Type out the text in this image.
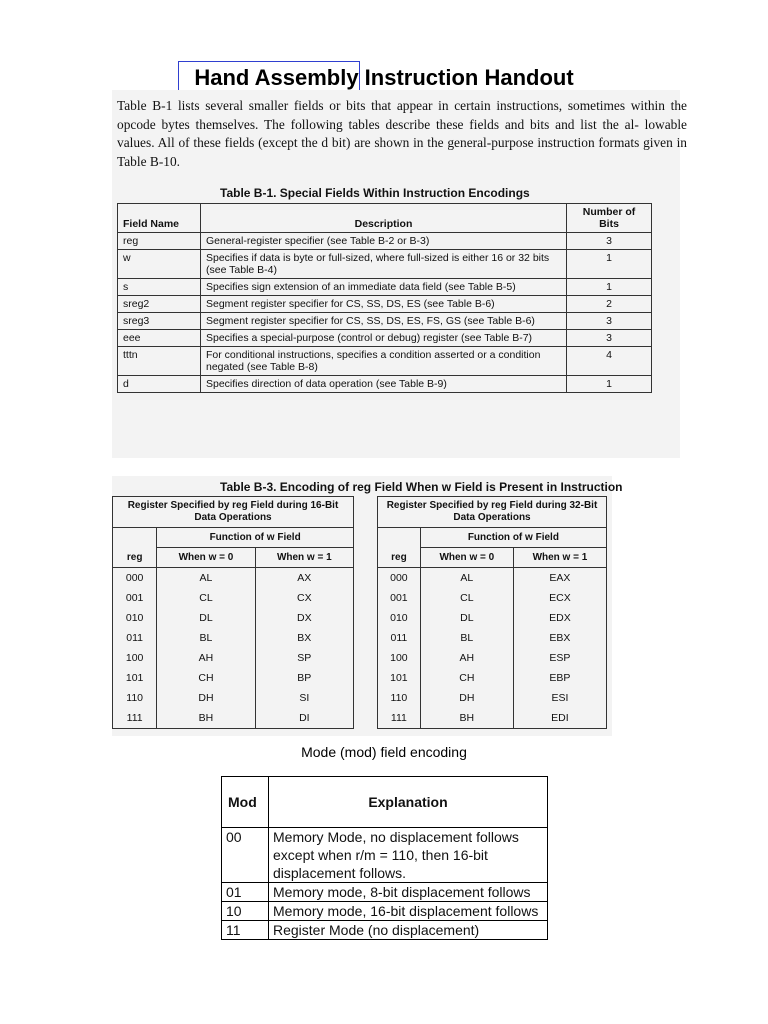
Hand Assembly Instruction Handout
Table B-1 lists several smaller fields or bits that appear in certain instructions, sometimes within the opcode bytes themselves. The following tables describe these fields and bits and list the al- lowable values. All of these fields (except the d bit) are shown in the general-purpose instruction formats given in Table B-10.
Table B-1. Special Fields Within Instruction Encodings
Field Name	Description	Number of Bits
reg	General-register specifier (see Table B-2 or B-3)	3
w	Specifies if data is byte or full-sized, where full-sized is either 16 or 32 bits (see Table B-4)	1
s	Specifies sign extension of an immediate data field (see Table B-5)	1
sreg2	Segment register specifier for CS, SS, DS, ES (see Table B-6)	2
sreg3	Segment register specifier for CS, SS, DS, ES, FS, GS (see Table B-6)	3
eee	Specifies a special-purpose (control or debug) register (see Table B-7)	3
tttn	For conditional instructions, specifies a condition asserted or a condition negated (see Table B-8)	4
d	Specifies direction of data operation (see Table B-9)	1
Table B-3. Encoding of reg Field When w Field is Present in Instruction
Register Specified by reg Field during 16-Bit Data Operations		
	Function of w Field	
reg	When w = 0	When w = 1
000	AL	AX
001	CL	CX
010	DL	DX
011	BL	BX
100	AH	SP
101	CH	BP
110	DH	SI
111	BH	DI
Register Specified by reg Field during 32-Bit Data Operations		
	Function of w Field	
reg	When w = 0	When w = 1
000	AL	EAX
001	CL	ECX
010	DL	EDX
011	BL	EBX
100	AH	ESP
101	CH	EBP
110	DH	ESI
111	BH	EDI
Mode (mod) field encoding
Mod	Explanation
00	Memory Mode, no displacement follows except when r/m = 110, then 16-bit displacement follows.
01	Memory mode, 8-bit displacement follows
10	Memory mode, 16-bit displacement follows
11	Register Mode (no displacement)
